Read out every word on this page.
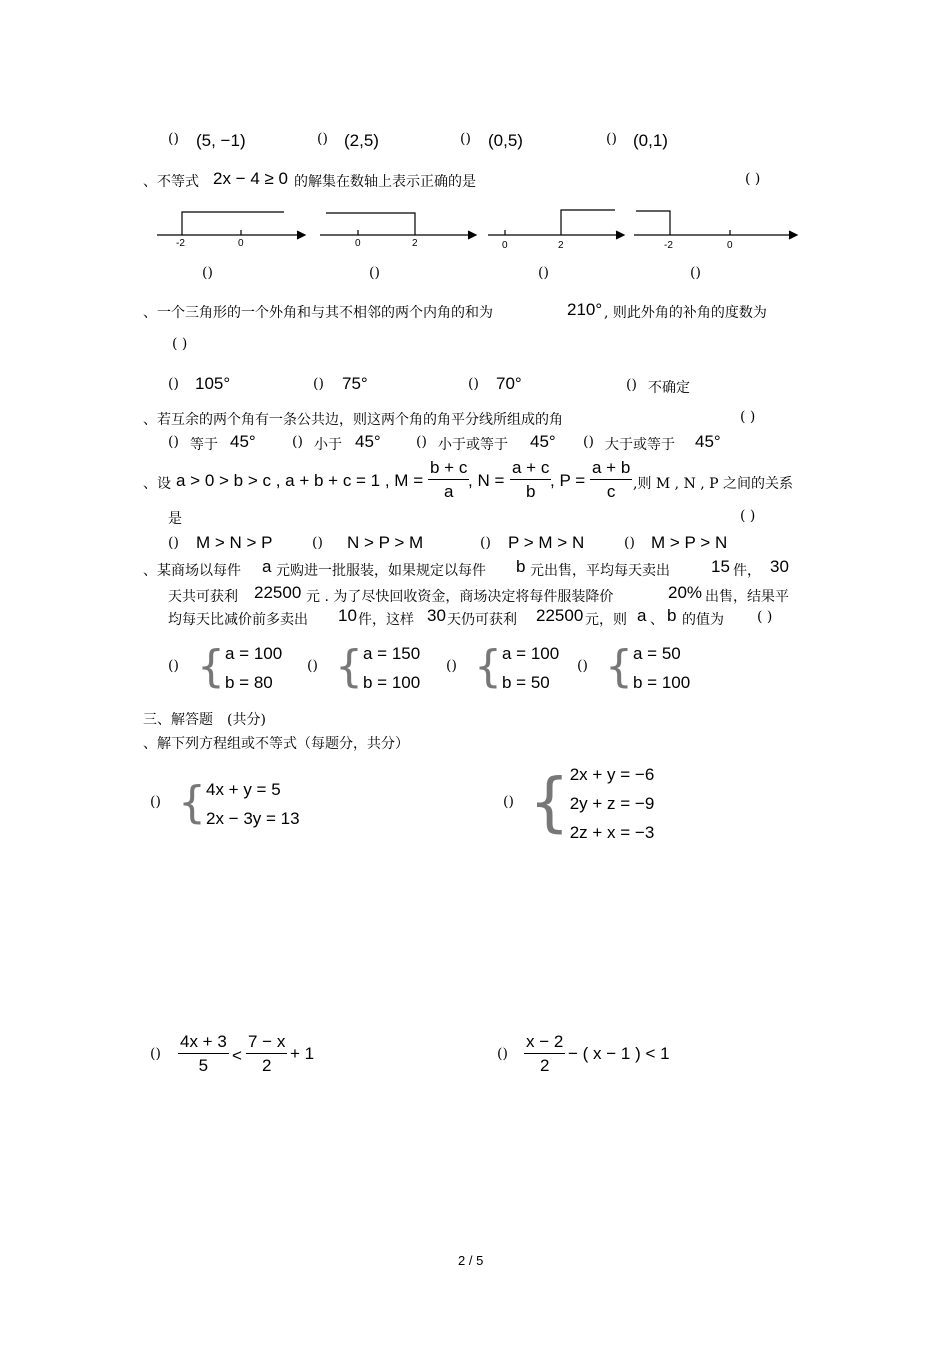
() (5, −1)	() (2,5)	() (0,5)	() (0,1)
、不等式 2x − 4 ≥ 0 的解集在数轴上表示正确的是	( )
-2	0	0	2	0	2	-2	0
()	()	()	()
、一个三角形的一个外角和与其不相邻的两个内角的和为	210° , 则此外角的补角的度数为
( )
() 105°	() 75°	() 70°	() 不确定
、若互余的两个角有一条公共边，则这两个角的角平分线所组成的角	( )
() 等于 45°	() 小于 45°	() 小于或等于 45° () 大于或等于 45°
、设 a > 0 > b > c , a + b + c = 1 , $M = \frac{b + c}{a}$
, $N = \frac{a + c}{b}$
, $P = \frac{a + b}{c}$ ,则 M , N , P 之间的关系
是	( )
() M > N > P	() N > P > M	() P > M > N	() M > P > N
、某商场以每件 a 元购进一批服装，如果规定以每件 b 元出售，平均每天卖出 15 件， 30
天共可获利 22500 元 . 为了尽快回收资金，商场决定将每件服装降价	20% 出售，结果平
均每天比减价前多卖出 10 件，这样 30 天仍可获利 22500 元，则 a 、 b 的值为 ( )
() { a = 100
b = 80
() { a = 150
b = 100
() { a = 100
b = 50
() { a = 50
b = 100
三、解答题　(共分)
、解下列方程组或不等式（每题分，共分）
() { 4x + y = 5
2x − 3y = 13
() { 2x + y = −6
2y + z = −9
2z + x = −3
() $\frac{4x + 3}{5} < \frac{7 - x}{2} + 1$	() $\frac{x - 2}{2}$ − ( x − 1 ) < 1
2 / 5
